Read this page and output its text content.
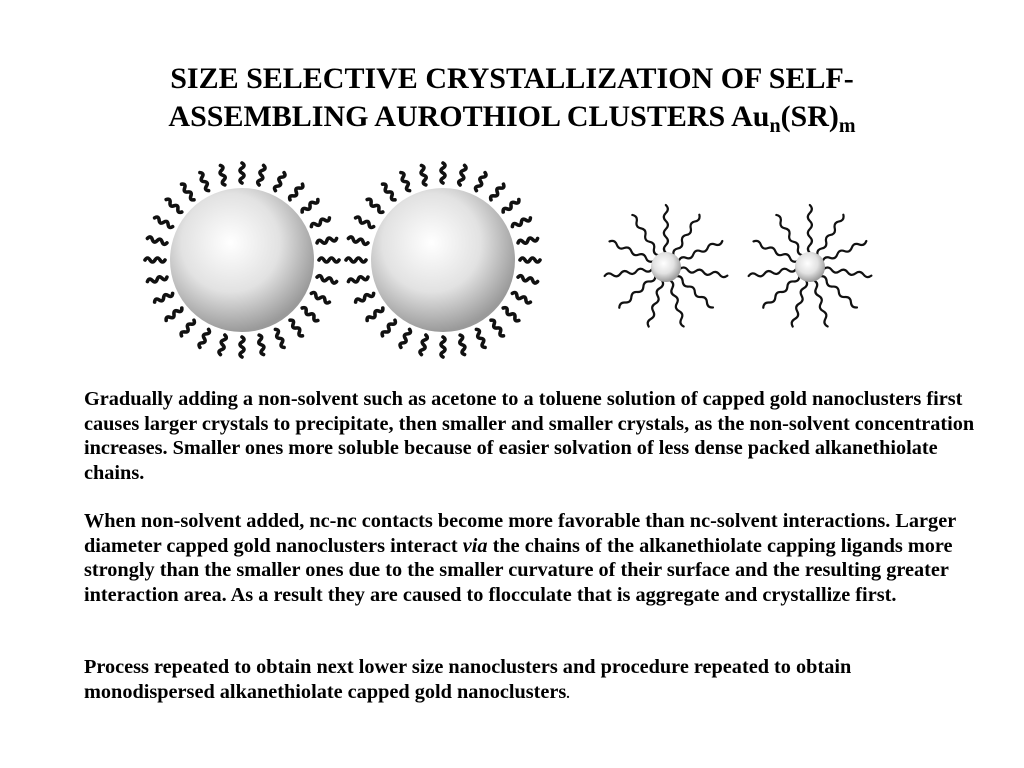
SIZE SELECTIVE CRYSTALLIZATION OF SELF-
ASSEMBLING AUROTHIOL CLUSTERS $Au_n(SR)_m$
Gradually adding a non-solvent such as acetone to a toluene solution of capped gold nanoclusters first causes larger crystals to precipitate, then smaller and smaller crystals, as the non-solvent concentration increases. Smaller ones more soluble because of easier solvation of less dense packed alkanethiolate chains.
When non-solvent added, nc-nc contacts become more favorable than nc-solvent interactions. Larger diameter capped gold nanoclusters interact via the chains of the alkanethiolate capping ligands more strongly than the smaller ones due to the smaller curvature of their surface and the resulting greater interaction area. As a result they are caused to flocculate that is aggregate and crystallize first.
Process repeated to obtain next lower size nanoclusters and procedure repeated to obtain monodispersed alkanethiolate capped gold nanoclusters.
